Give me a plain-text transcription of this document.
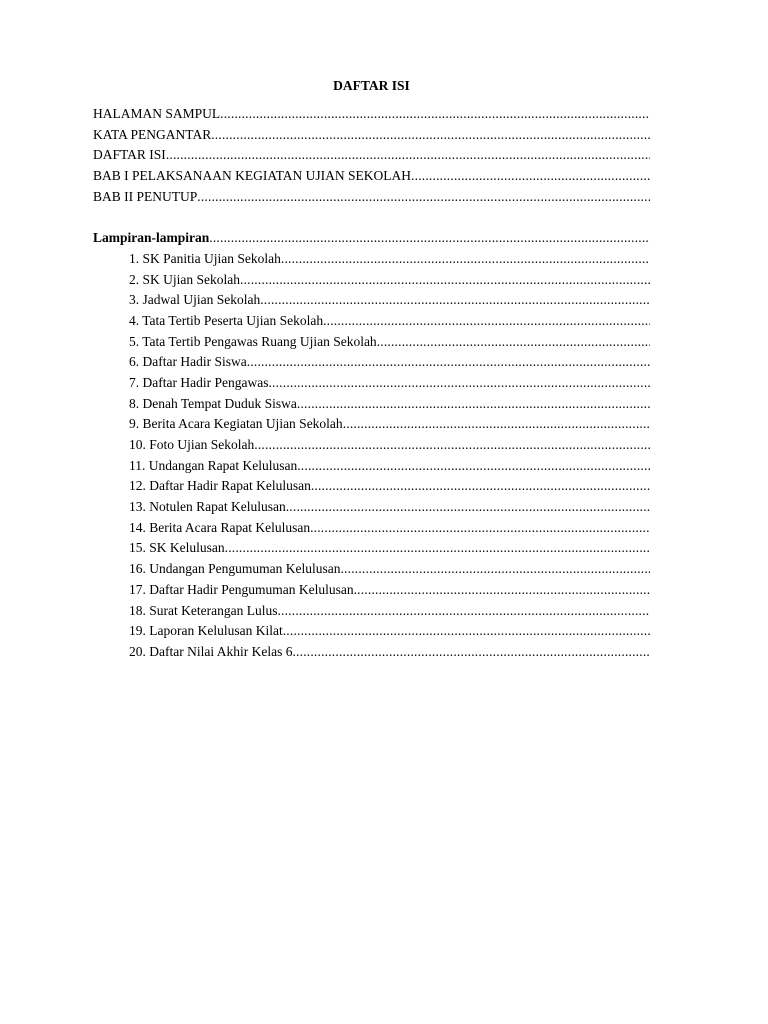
DAFTAR ISI
HALAMAN SAMPUL
.....
KATA PENGANTAR
.....
DAFTAR ISI
.....
BAB I PELAKSANAAN KEGIATAN UJIAN SEKOLAH
.....
BAB II PENUTUP
.....
Lampiran-lampiran
.....
1. SK Panitia Ujian Sekolah
.....
2. SK Ujian Sekolah
.....
3. Jadwal Ujian Sekolah
.....
4. Tata Tertib Peserta Ujian Sekolah
.....
5. Tata Tertib Pengawas Ruang Ujian Sekolah
.....
6. Daftar Hadir Siswa
.....
7. Daftar Hadir Pengawas
.....
8. Denah Tempat Duduk Siswa
.....
9. Berita Acara Kegiatan Ujian Sekolah
.....
10. Foto Ujian Sekolah
.....
11. Undangan Rapat Kelulusan
.....
12. Daftar Hadir Rapat Kelulusan
.....
13. Notulen Rapat Kelulusan
.....
14. Berita Acara Rapat Kelulusan
.....
15. SK Kelulusan
.....
16. Undangan Pengumuman Kelulusan
.....
17. Daftar Hadir Pengumuman Kelulusan
.....
18. Surat Keterangan Lulus
.....
19. Laporan Kelulusan Kilat
.....
20. Daftar Nilai Akhir Kelas 6
.....
